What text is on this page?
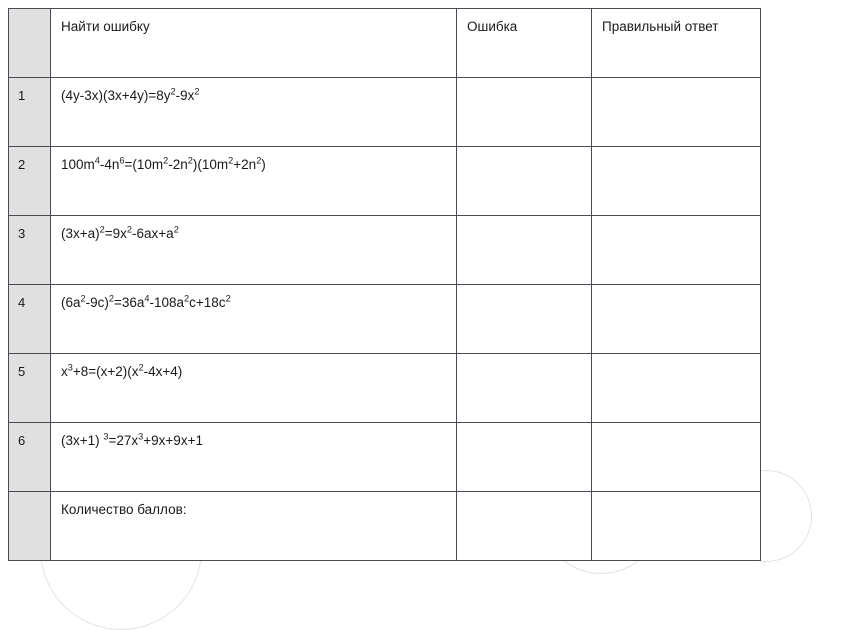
	Найти ошибку	Ошибка	Правильный ответ
1	$(4y-3x)(3x+4y)=8y^2-9x^2$		
2	$100m^4-4n^6=(10m^2-2n^2)(10m^2+2n^2)$		
3	$(3x+a)^2=9x^2-6ax+a^2$		
4	$(6a^2-9c)^2=36a^4-108a^2c+18c^2$		
5	$x^3+8=(x+2)(x^2-4x+4)$		
6	(3x+1) $^3=27x^3+9x+9x+1$		
	Количество баллов:		
